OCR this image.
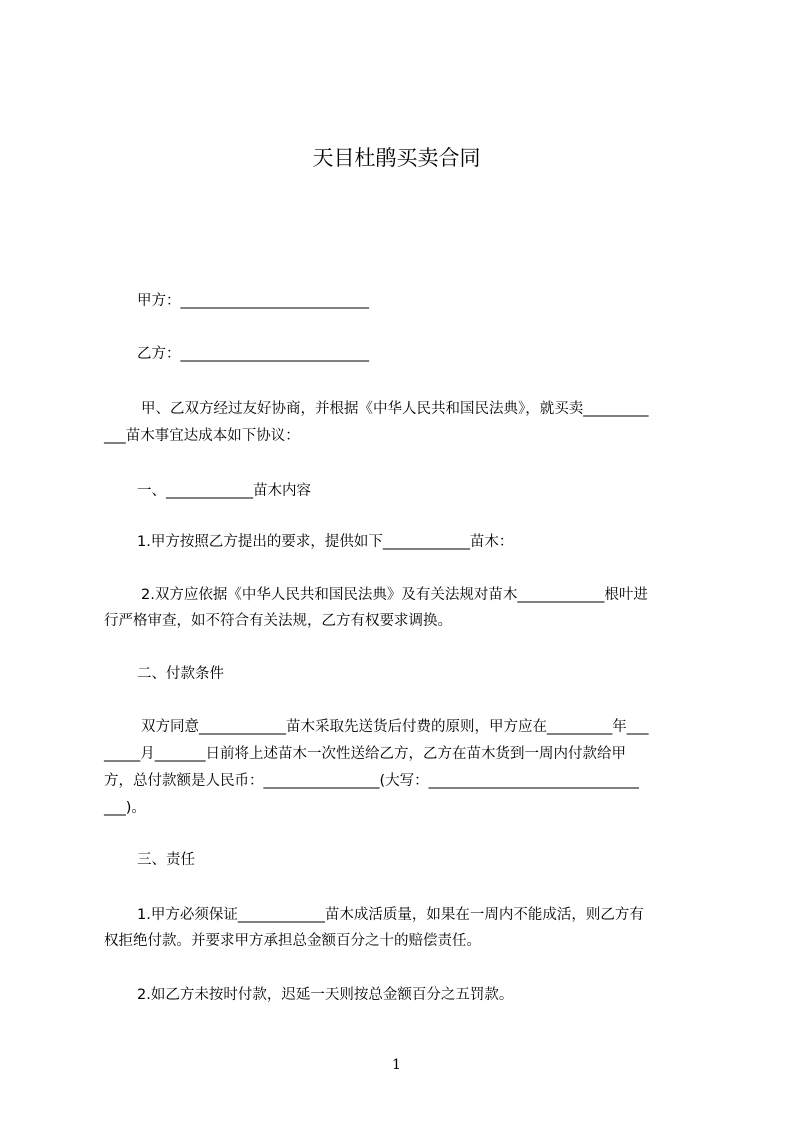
天目杜鹃买卖合同

甲方：__________________________

乙方：__________________________

甲、乙双方经过友好协商，并根据《中华人民共和国民法典》，就买卖_________

___苗木事宜达成本如下协议：

一、____________苗木内容

1.甲方按照乙方提出的要求，提供如下____________苗木：

2.双方应依据《中华人民共和国民法典》及有关法规对苗木____________根叶进

行严格审查，如不符合有关法规，乙方有权要求调换。

二、付款条件

双方同意____________苗木采取先送货后付费的原则，甲方应在_________年___

_____月_______日前将上述苗木一次性送给乙方，乙方在苗木货到一周内付款给甲

方，总付款额是人民币：________________(大写：_____________________________

___)。

三、责任

1.甲方必须保证____________苗木成活质量，如果在一周内不能成活，则乙方有

权拒绝付款。并要求甲方承担总金额百分之十的赔偿责任。

2.如乙方未按时付款，迟延一天则按总金额百分之五罚款。

1
